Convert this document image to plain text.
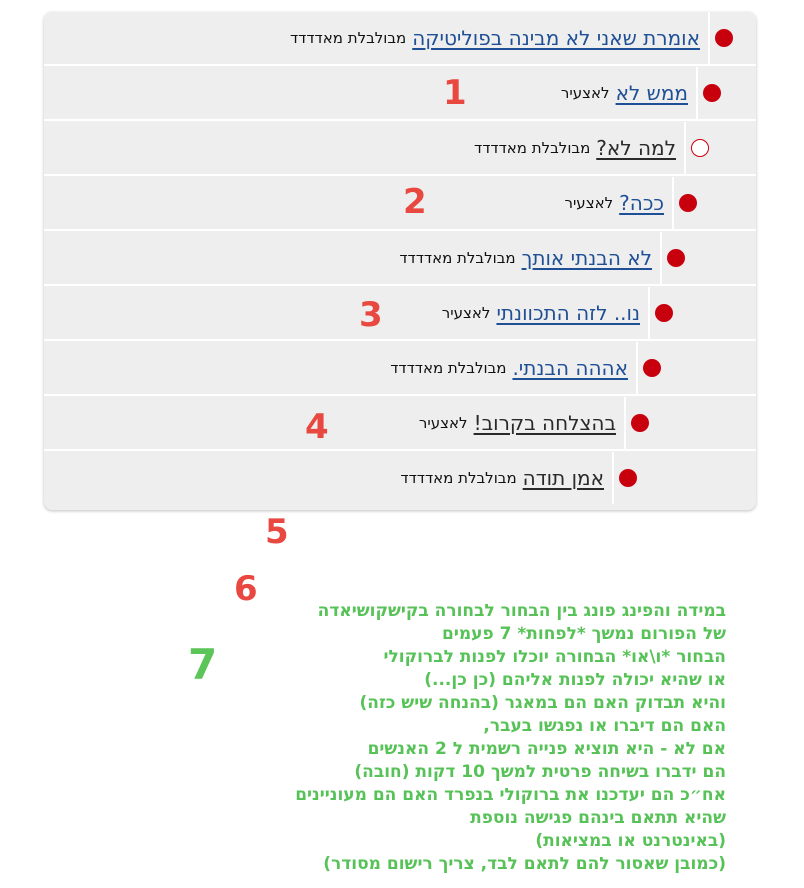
אומרת שאני לא מבינה בפוליטיקה
מבולבלת מאדדדד
ממש לא
לאצעיר
למה לא?
מבולבלת מאדדדד
ככה?
לאצעיר
לא הבנתי אותך
מבולבלת מאדדדד
נו.. לזה התכוונתי
לאצעיר
אההה הבנתי.
מבולבלת מאדדדד
בהצלחה בקרוב!
לאצעיר
אמן תודה
מבולבלת מאדדדד
1
2
3
4
5
6
7
במידה והפינג פונג בין הבחור לבחורה בקישקושיאדה
של הפורום נמשך *לפחות* 7 פעמים
הבחור *ו\או* הבחורה יוכלו לפנות לברוקולי
או שהיא יכולה לפנות אליהם (כן כן...)
והיא תבדוק האם הם במאגר (בהנחה שיש כזה)
האם הם דיברו או נפגשו בעבר,
אם לא - היא תוציא פנייה רשמית ל 2 האנשים
הם ידברו בשיחה פרטית למשך 10 דקות (חובה)
אח״כ הם יעדכנו את ברוקולי בנפרד האם הם מעוניינים
שהיא תתאם בינהם פגישה נוספת
(באינטרנט או במציאות)
(כמובן שאסור להם לתאם לבד, צריך רישום מסודר)
